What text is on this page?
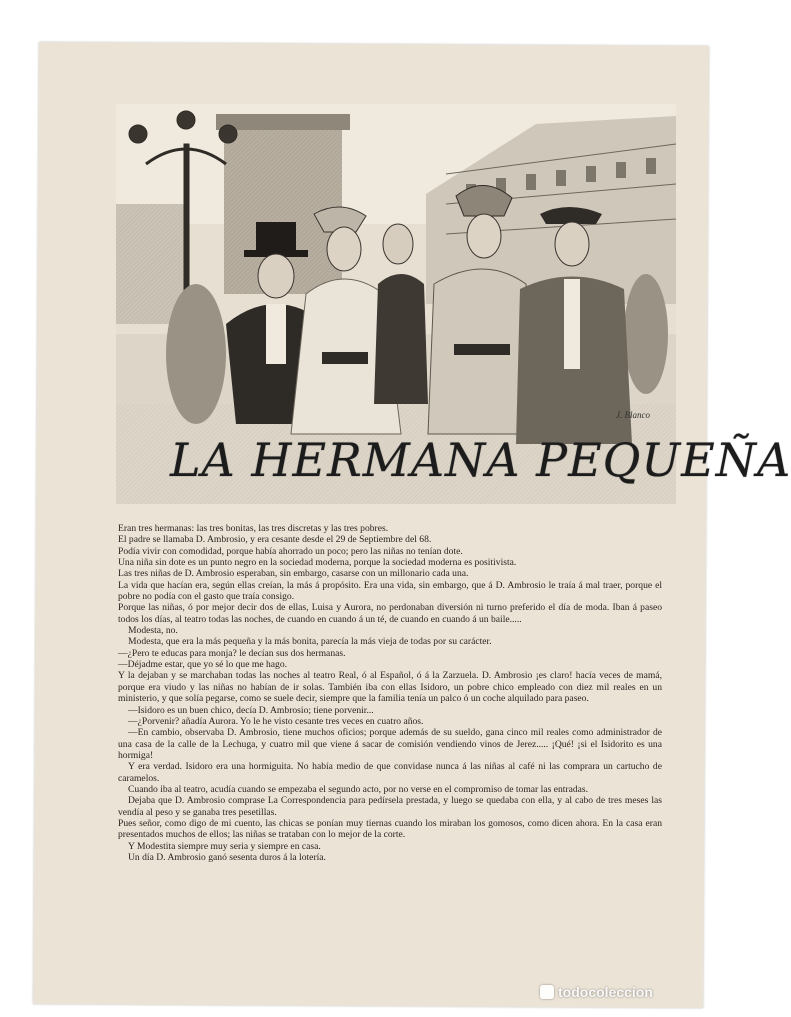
LA HERMANA PEQUEÑA
J. Blanco

Eran tres hermanas: las tres bonitas, las tres discretas y las tres pobres.

El padre se llamaba D. Ambrosio, y era cesante desde el 29 de Septiembre del 68.

Podía vivir con comodidad, porque había ahorrado un poco; pero las niñas no tenían dote.

Una niña sin dote es un punto negro en la sociedad moderna, porque la sociedad moderna es positivista.

Las tres niñas de D. Ambrosio esperaban, sin embargo, casarse con un millonario cada una.

La vida que hacían era, según ellas creían, la más á propósito. Era una vida, sin embargo, que á D. Ambrosio le traía á mal traer, porque el pobre no podía con el gasto que traía consigo.

Porque las niñas, ó por mejor decir dos de ellas, Luisa y Aurora, no perdonaban diversión ni turno preferido el día de moda. Iban á paseo todos los días, al teatro todas las noches, de cuando en cuando á un té, de cuando en cuando á un baile.....

Modesta, no.

Modesta, que era la más pequeña y la más bonita, parecía la más vieja de todas por su carácter.

—¿Pero te educas para monja? le decían sus dos hermanas.

—Déjadme estar, que yo sé lo que me hago.

Y la dejaban y se marchaban todas las noches al teatro Real, ó al Español, ó á la Zarzuela. D. Ambrosio ¡es claro! hacía veces de mamá, porque era viudo y las niñas no habían de ir solas. También iba con ellas Isidoro, un pobre chico empleado con diez mil reales en un ministerio, y que solía pegarse, como se suele decir, siempre que la familia tenía un palco ó un coche alquilado para paseo.

—Isidoro es un buen chico, decía D. Ambrosio; tiene porvenir...

—¿Porvenir? añadía Aurora. Yo le he visto cesante tres veces en cuatro años.

—En cambio, observaba D. Ambrosio, tiene muchos oficios; porque además de su sueldo, gana cinco mil reales como administrador de una casa de la calle de la Lechuga, y cuatro mil que viene á sacar de comisión vendiendo vinos de Jerez..... ¡Qué! ¡si el Isidorito es una hormiga!

Y era verdad. Isidoro era una hormiguita. No había medio de que convidase nunca á las niñas al café ni las comprara un cartucho de caramelos.

Cuando iba al teatro, acudía cuando se empezaba el segundo acto, por no verse en el compromiso de tomar las entradas.

Dejaba que D. Ambrosio comprase La Correspondencia para pedírsela prestada, y luego se quedaba con ella, y al cabo de tres meses las vendía al peso y se ganaba tres pesetillas.

Pues señor, como digo de mi cuento, las chicas se ponían muy tiernas cuando los miraban los gomosos, como dicen ahora. En la casa eran presentados muchos de ellos; las niñas se trataban con lo mejor de la corte.

Y Modestita siempre muy seria y siempre en casa.

Un día D. Ambrosio ganó sesenta duros á la lotería.

todocoleccion
